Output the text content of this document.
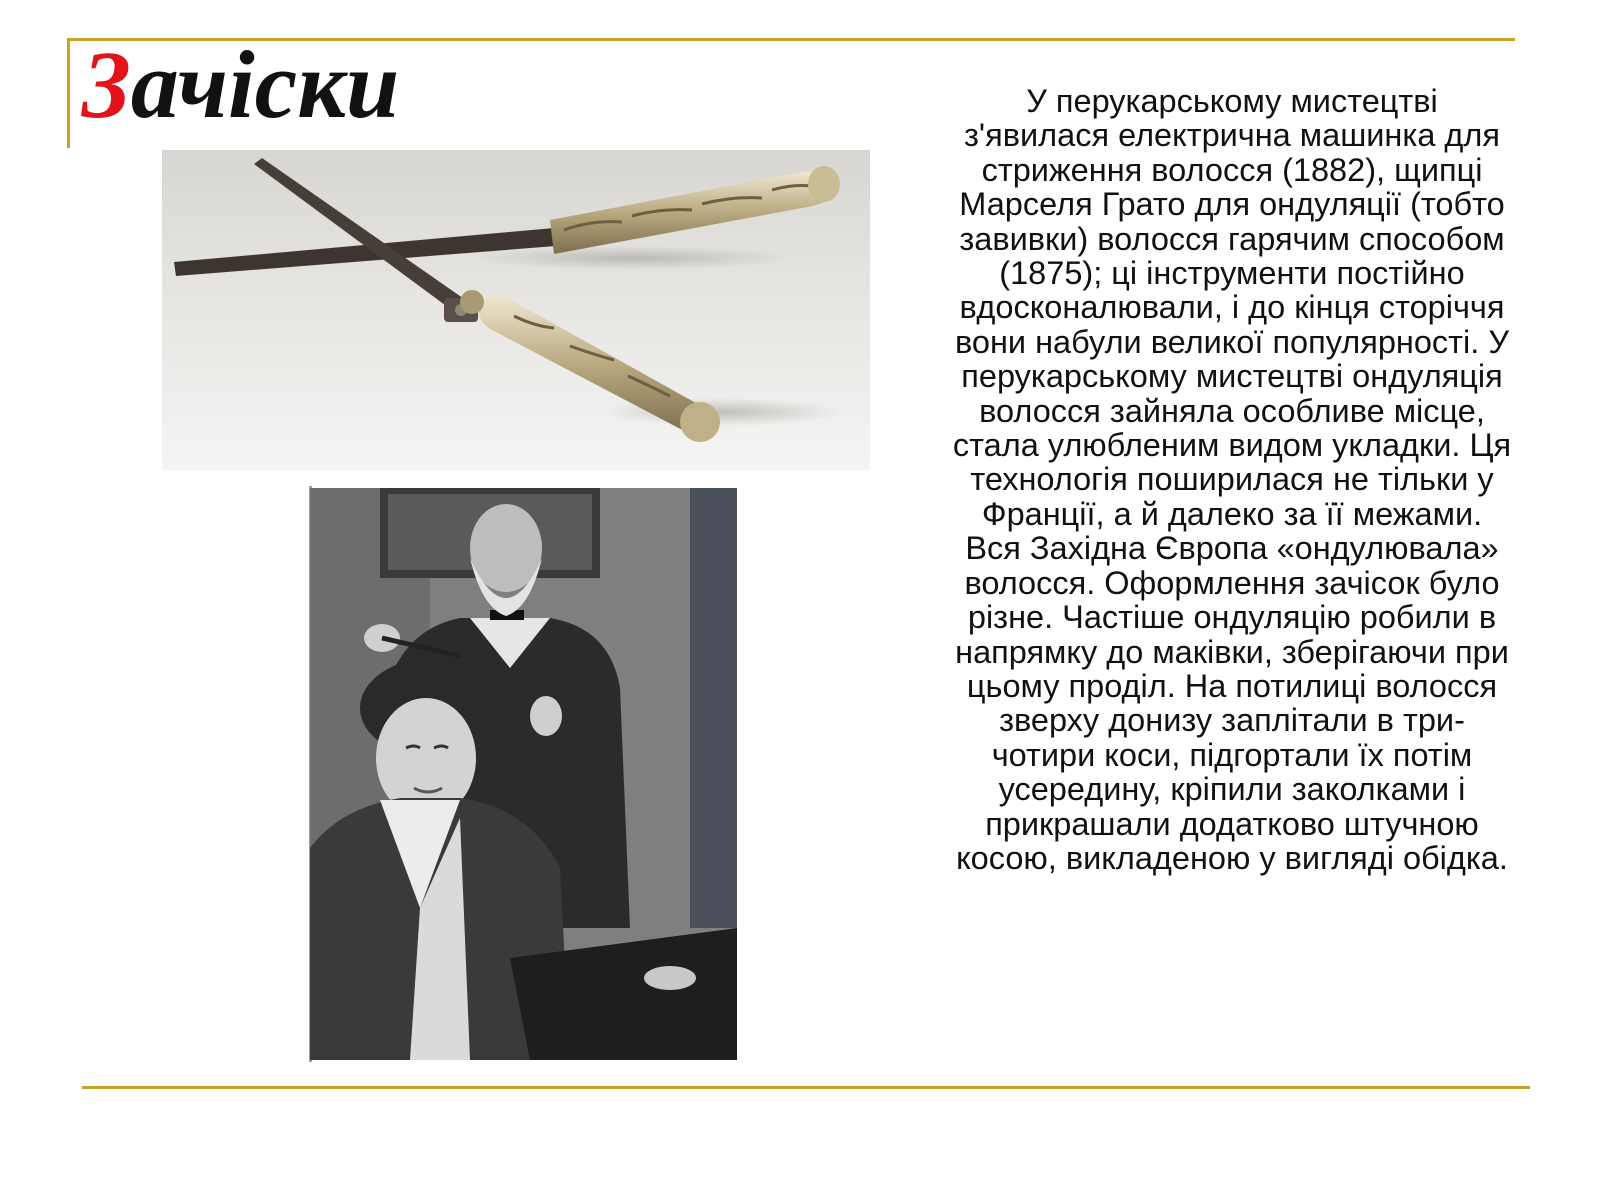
Зачіски	У перукарському мистецтві
з'явилася електрична машинка для
стриження волосся (1882), щипці
Марселя Грато для ондуляції (тобто
завивки) волосся гарячим способом
(1875); ці інструменти постійно
вдосконалювали, і до кінця сторіччя
вони набули великої популярності. У
перукарському мистецтві ондуляція
волосся зайняла особливе місце,
стала улюбленим видом укладки. Ця
технологія поширилася не тільки у
Франції, а й далеко за її межами.
Вся Західна Європа «ондулювала»
волосся. Оформлення зачісок було
різне. Частіше ондуляцію робили в
напрямку до маківки, зберігаючи при
цьому проділ. На потилиці волосся
зверху донизу заплітали в три-
чотири коси, підгортали їх потім
усередину, кріпили заколками і
прикрашали додатково штучною
косою, викладеною у вигляді обідка.
